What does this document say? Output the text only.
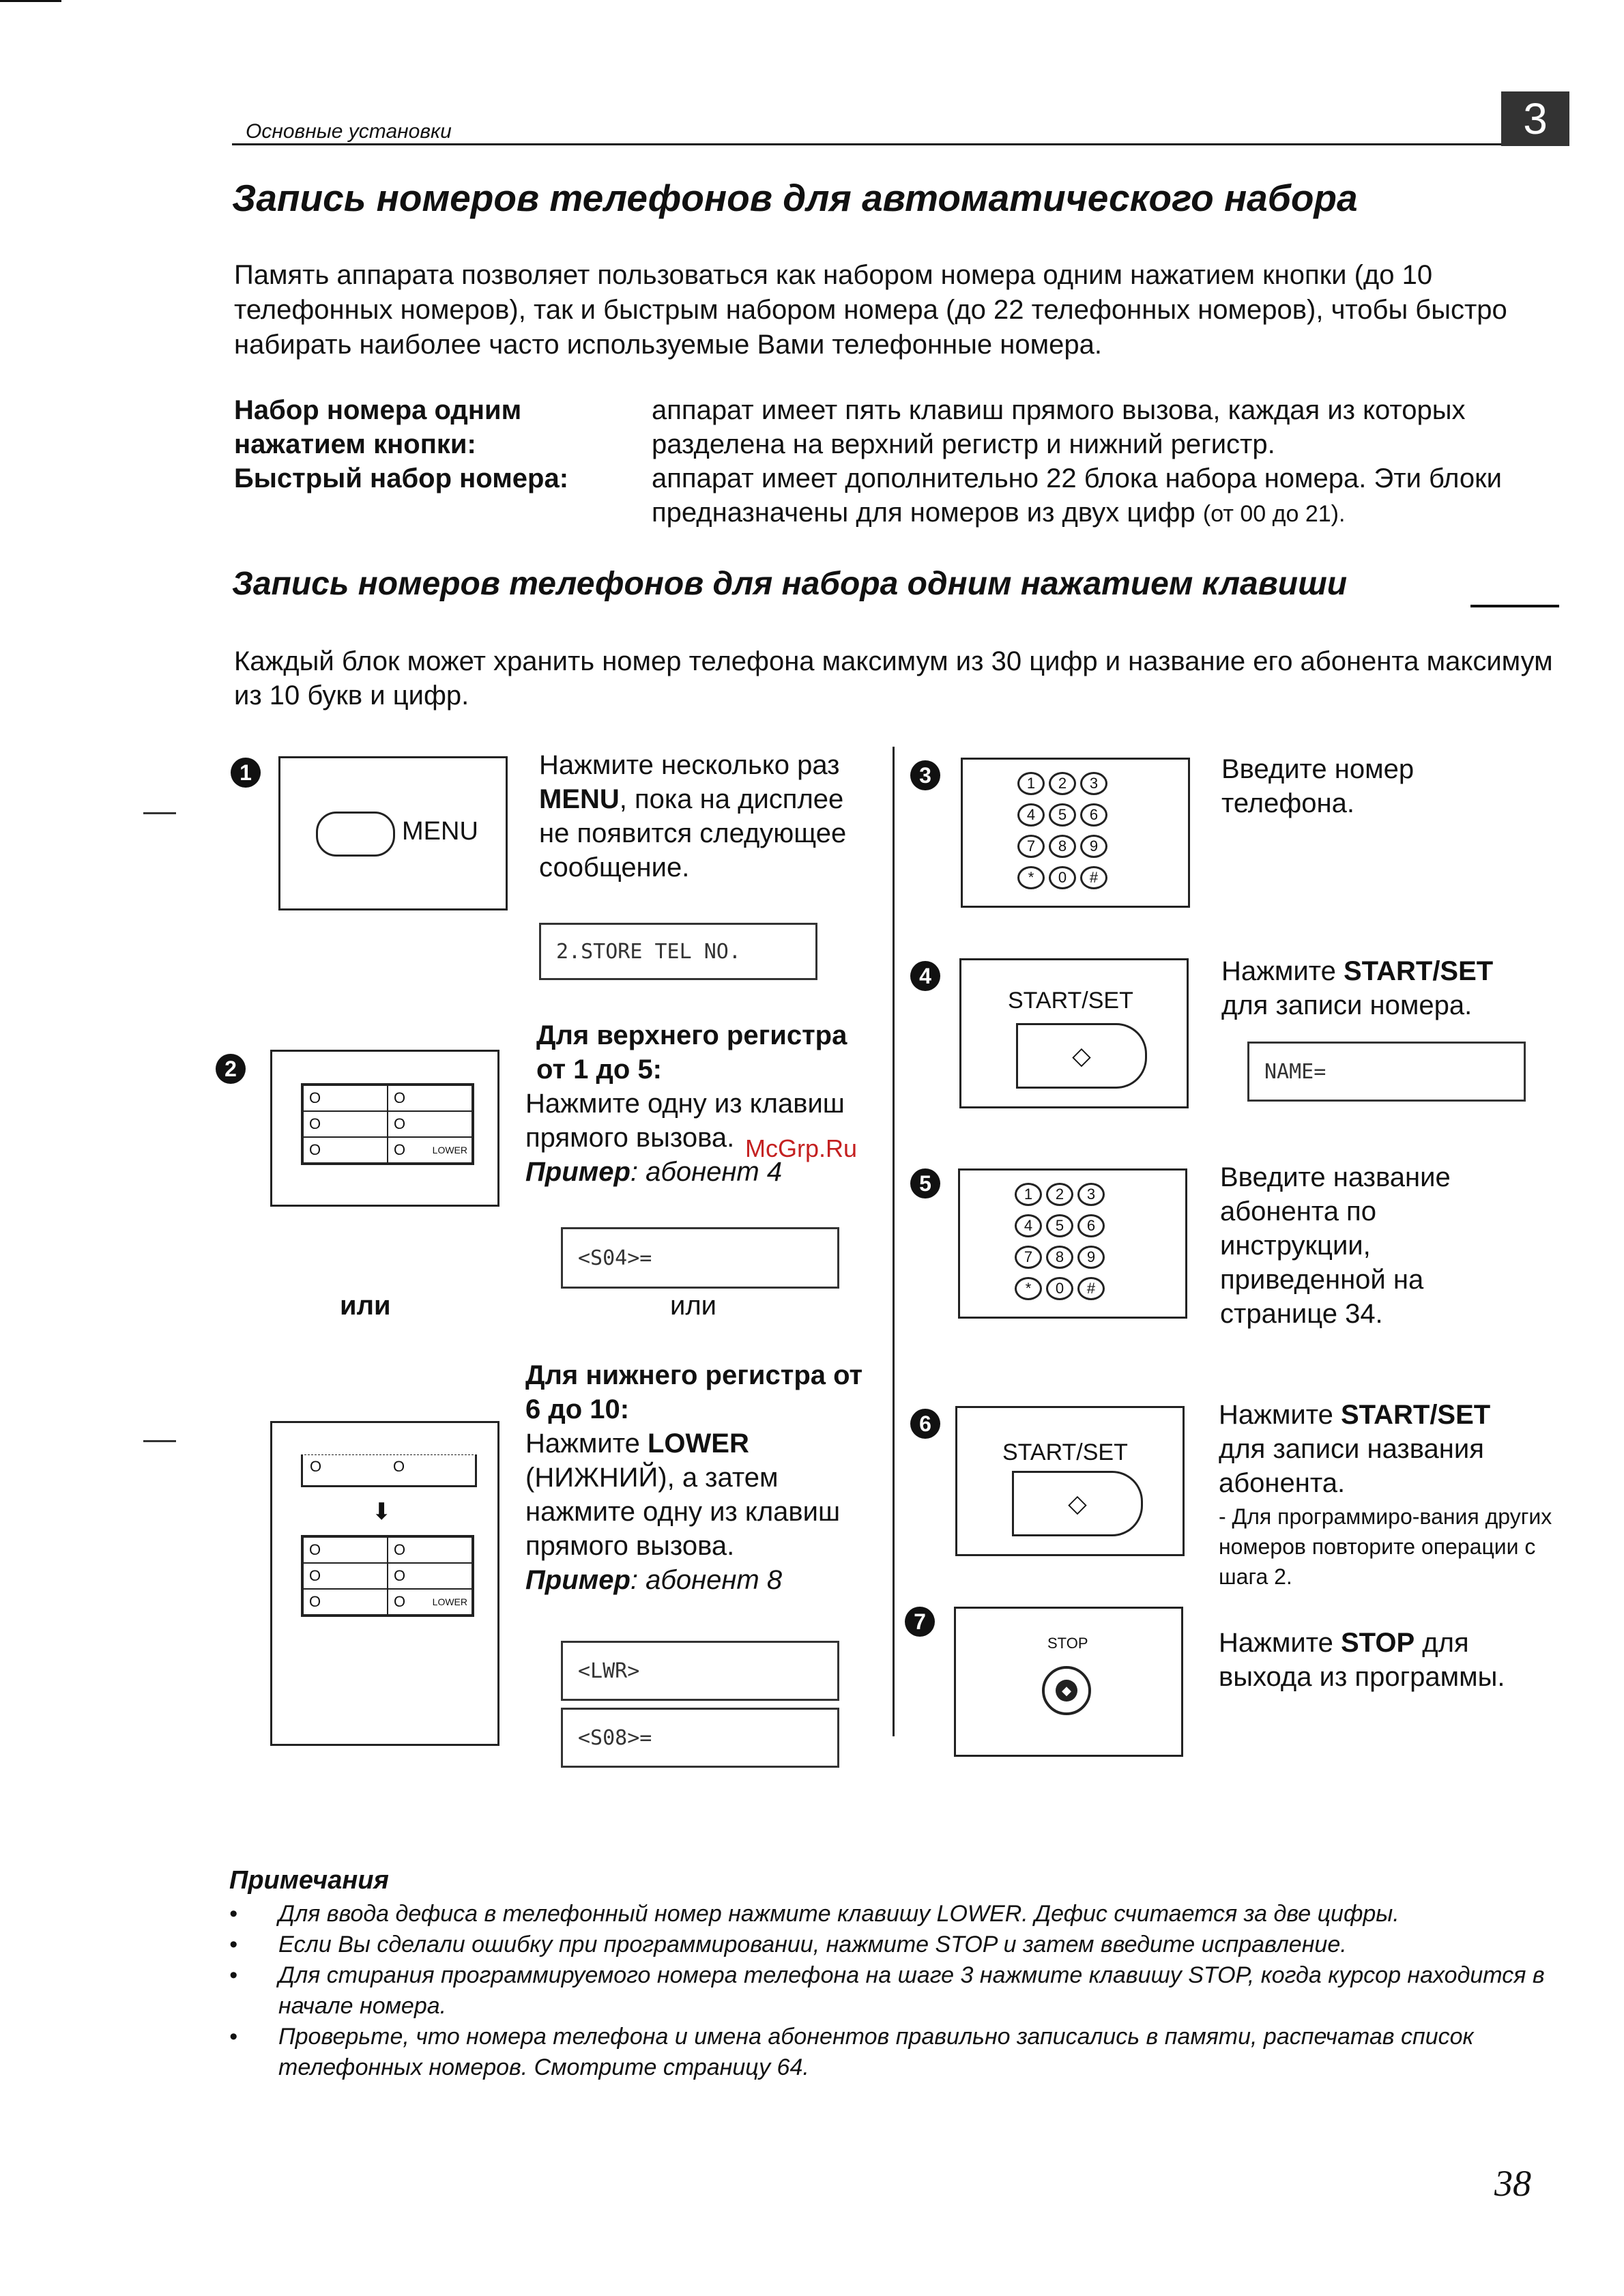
Основные установки	3
Запись номеров телефонов для автоматического набора
Память аппарата позволяет пользоваться как набором номера одним нажатием кнопки (до 10 телефонных номеров), так и быстрым набором номера (до 22 телефонных номеров), чтобы быстро набирать наиболее часто используемые Вами телефонные номера.
Набор номера одним нажатием кнопки:
аппарат имеет пять клавиш прямого вызова, каждая из которых разделена на верхний регистр и нижний регистр.
Быстрый набор номера:	аппарат имеет дополнительно 22 блока набора номера. Эти блоки предназначены для номеров из двух цифр (от 00 до 21).
Запись номеров телефонов для набора одним нажатием клавиши
Каждый блок может хранить номер телефона максимум из 30 цифр и название его абонента максимум из 10 букв и цифр.
1
MENU
Нажмите несколько раз MENU, пока на дисплее не появится следующее сообщение.
2.STORE TEL NO.
2
O	O
O	O
O	O	LOWER
Для верхнего регистра от 1 до 5:
Нажмите одну из клавиш прямого вызова.
Пример: абонент 4
<S04>=
или	или
O	O
⬇
O	O
O	O
O	O	LOWER
Для нижнего регистра от 6 до 10:
Нажмите LOWER (НИЖНИЙ), а затем нажмите одну из клавиш прямого вызова.
Пример: абонент 8
<LWR>
<S08>=
3	1	2	3
4	5	6
7	8	9
*	0	#
Введите номер телефона.
4
START/SET
◇
Нажмите START/SET для записи номера.
NAME=
5	1	2	3
4	5	6
7	8	9
*	0	#
Введите название абонента по инструкции, приведенной на странице 34.
6
START/SET
◇
Нажмите START/SET для записи названия абонента.
- Для программиро-вания других номеров повторите операции с шага 2.
7
STOP
◆
Нажмите STOP для выхода из программы.
Примечания
• Для ввода дефиса в телефонный номер нажмите клавишу LOWER. Дефис считается за две цифры.
• Если Вы сделали ошибку при программировании, нажмите STOP и затем введите исправление.
• Для стирания программируемого номера телефона на шаге 3 нажмите клавишу STOP, когда курсор находится в начале номера.
• Проверьте, что номера телефона и имена абонентов правильно записались в памяти, распечатав список телефонных номеров. Смотрите страницу 64.
McGrp.Ru
38
